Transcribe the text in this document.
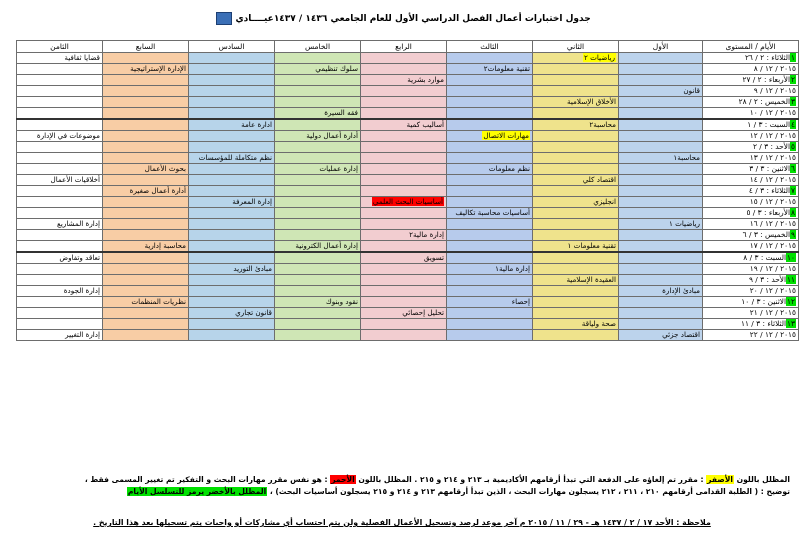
جدول اختبارات أعمال الفصل الدراسي الأول للعام الجامعي ١٤٣٦ / ١٤٣٧عيــــادي
الأيام / المستوى	الأول	الثاني	الثالث	الرابع	الخامس	السادس	السابع	الثامن
١الثلاثاء : ٢ / ٢٦		رياضيات ٢						قضايا ثقافية
٢٠١٥ / ١٢ / ٨			تقنية معلومات٢		سلوك تنظيمي		الإدارة الإستراتيجية	
٢الأربعاء : ٢ / ٢٧				موارد بشرية				
٢٠١٥ / ١٢ / ٩	قانون							
٣الخميس : ٢ / ٢٨		الأخلاق الإسلامية						
٢٠١٥ / ١٢ / ١٠					فقه السيرة			
٤السبت : ٣ / ١		محاسبة٢		أساليب كمية		ادارة عامة		
٢٠١٥ / ١٢ / ١٢			مهارات الاتصال		أدارة أعمال دولية			موضوعات في الإدارة
٥الأحد : ٣ / ٢								
٢٠١٥ / ١٢ / ١٣	محاسبة١					نظم متكاملة للمؤسسات		
٦الاثنين : ٣ / ٣			نظم معلومات		إدارة عمليات		بحوث الأعمال	
٢٠١٥ / ١٢ / ١٤		اقتصاد كلي						أخلاقيات الأعمال
٧الثلاثاء : ٣ / ٤							أدارة أعمال صغيرة	
٢٠١٥ / ١٢ / ١٥		انجليزي		أساسيات البحث العلمي		إدارة المعرفة		
٨الأربعاء : ٣ / ٥			أساسيات محاسبة تكاليف					
٢٠١٥ / ١٢ / ١٦	رياضيات ١							إدارة المشاريع
٩الخميس : ٣ / ٦				إدارة مالية٢				
٢٠١٥ / ١٢ / ١٧		تقنية معلومات ١			إدارة أعمال الكترونية		محاسبة إدارية	
١٠السبت : ٣ / ٨				تسويق				تعاقد وتفاوض
٢٠١٥ / ١٢ / ١٩			إدارة مالية١			مبادئ التوريد		
١١الأحد : ٣ / ٩		العقيدة الإسلامية						
٢٠١٥ / ١٢ / ٢٠	مبادئ الإدارة							إدارة الجودة
١٢الاثنين : ٣ / ١٠			إحصاء		نقود وبنوك		نظريات المنظمات	
٢٠١٥ / ١٢ / ٢١				تحليل إحصائي		قانون تجاري		
١٣الثلاثاء : ٣ / ١١		صحة ولياقة						
٢٠١٥ / ١٢ / ٢٢	اقتصاد جزئي							إدارة التغيير
المظلل باللون الأصفر : مقرر تم إلغاؤه على الدفعة التي تبدأ أرقامهم الأكاديمية بـ ٢١٣ و ٢١٤ و ٢١٥ . المظلل باللون الأحمر : هو نفس مقرر مهارات البحث و التفكير تم تغيير المسمى فقط ،
توضيح : ( الطلبة القدامى أرقامهم ٢١٠ ، ٢١١ ، ٢١٢ يسجلون مهارات البحث ، الذين تبدأ أرقامهم ٢١٣ و ٢١٤ و ٢١٥ يسجلون أساسيات البحث) ، المظلل بالأخضر يرمز للتسلسل الأيام
ملاحظة : الأحد ١٧ / ٢ / ١٤٣٧ هـ - ٢٩ / ١١ / ٢٠١٥ م آخر موعد لرصد وتسجيل الأعمال الفصلية ولن يتم احتساب أي مشاركات أو واجبات يتم تسجيلها بعد هذا التاريخ .
